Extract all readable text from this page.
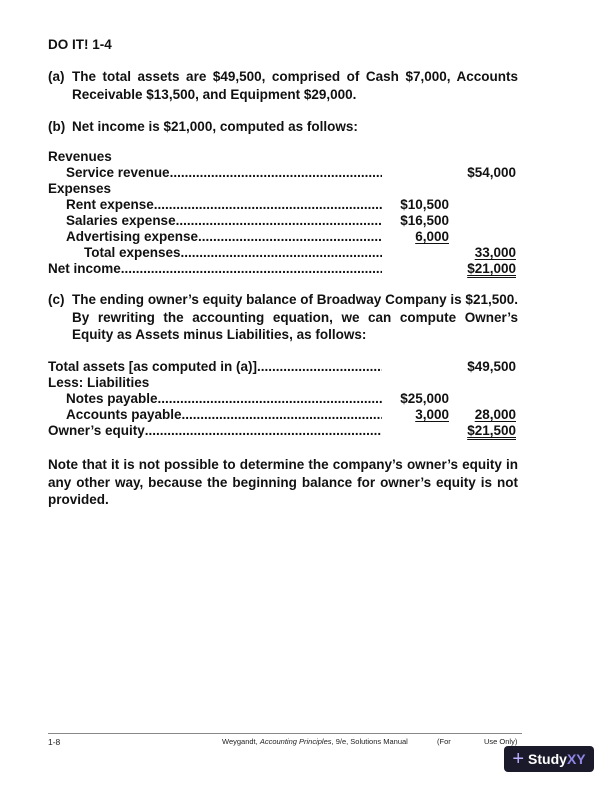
DO IT! 1-4
(a) The total assets are $49,500, comprised of Cash $7,000, Accounts Receivable $13,500, and Equipment $29,000.
(b) Net income is $21,000, computed as follows:
Revenues
Service revenue .....	$54,000
Expenses
Rent expense .....	$10,500
Salaries expense .....	$16,500
Advertising expense .....	6,000
Total expenses .....	33,000
Net income .....	$21,000
(c) The ending owner’s equity balance of Broadway Company is $21,500. By rewriting the accounting equation, we can compute Owner’s Equity as Assets minus Liabilities, as follows:
Total assets [as computed in (a)] .....	$49,500
Less: Liabilities
Notes payable .....	$25,000
Accounts payable .....	3,000 28,000
Owner’s equity .....	$21,500
Note that it is not possible to determine the company’s owner’s equity in any other way, because the beginning balance for owner’s equity is not provided.
1-8	Weygandt, Accounting Principles, 9/e, Solutions Manual	(For	Use Only)
+ StudyXY
